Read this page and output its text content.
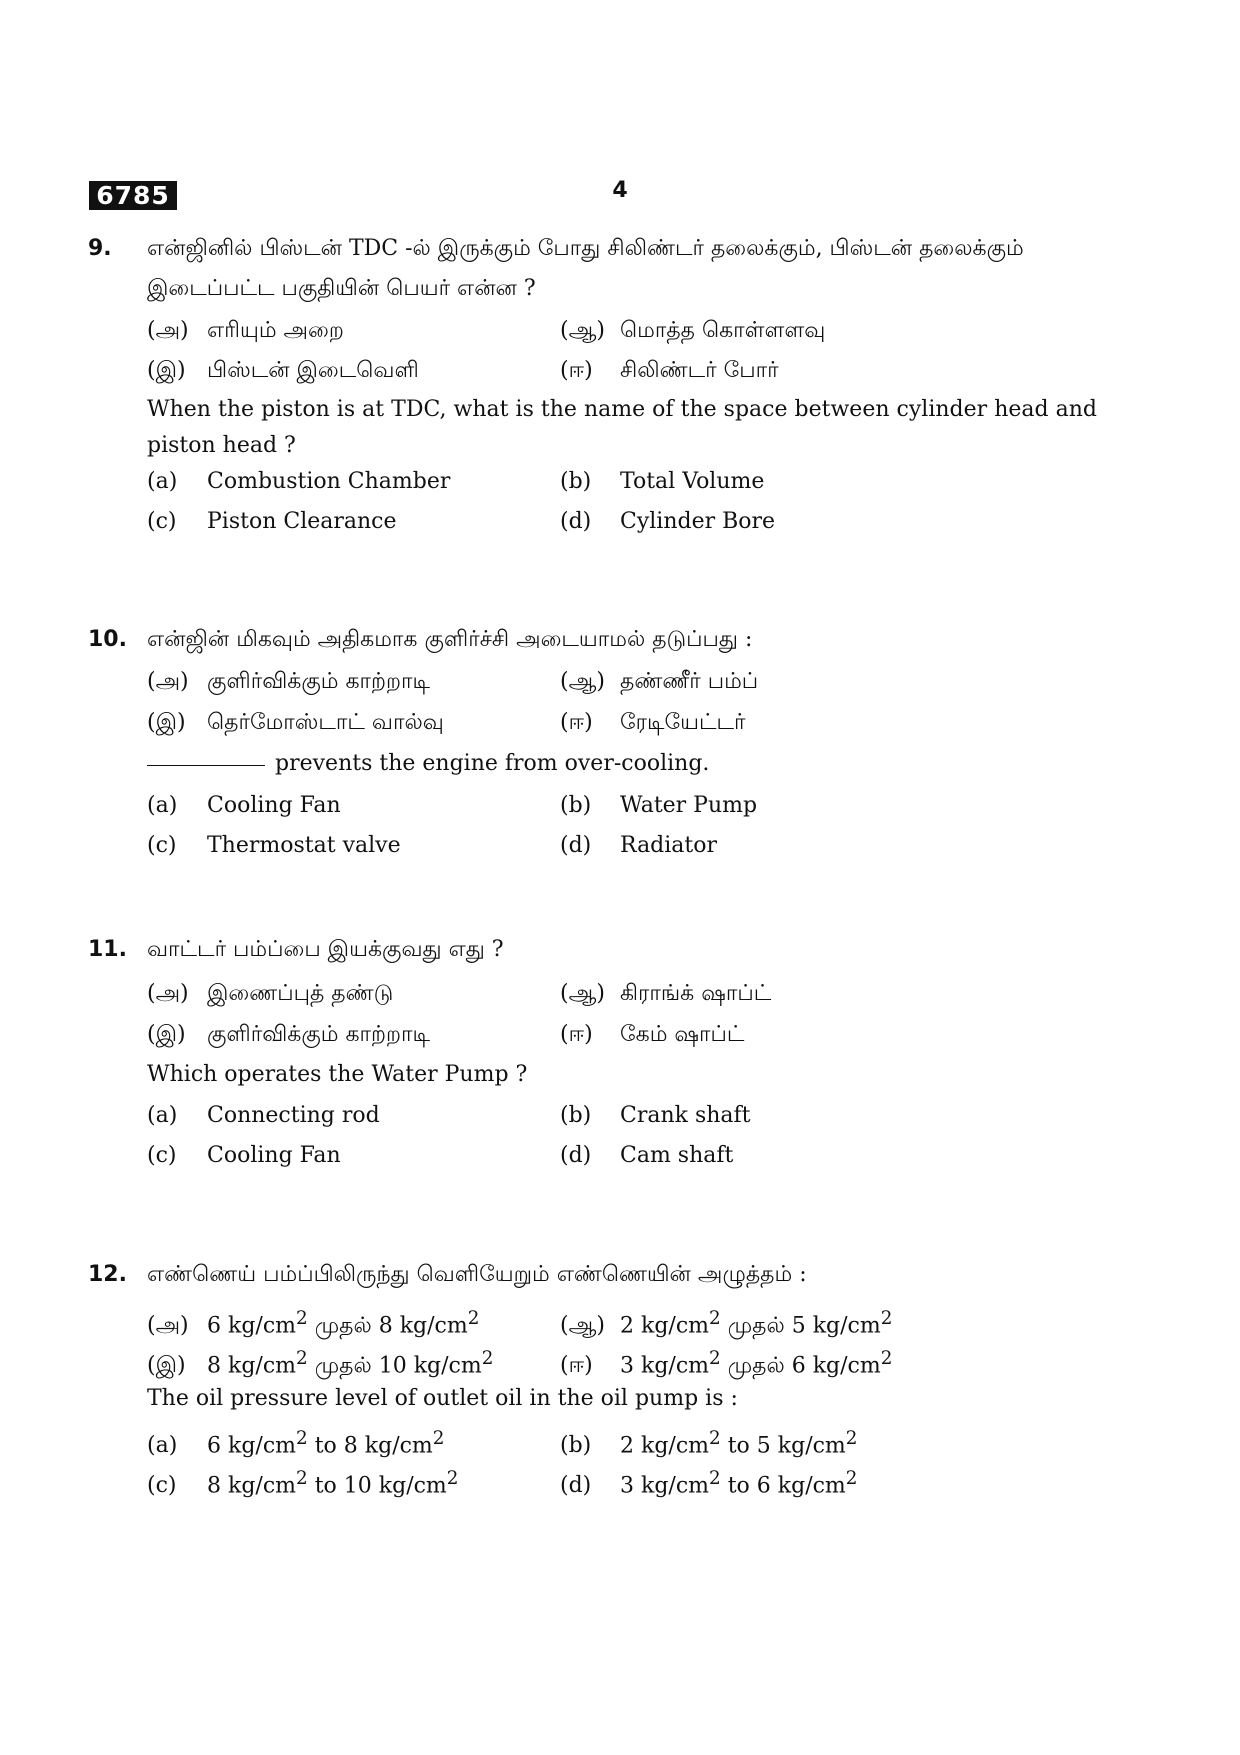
6785	4
9. என்ஜினில் பிஸ்டன் TDC -ல் இருக்கும் போது சிலிண்டர் தலைக்கும், பிஸ்டன் தலைக்கும்
இடைப்பட்ட பகுதியின் பெயர் என்ன ?
(அ) எரியும் அறை	(ஆ) மொத்த கொள்ளளவு
(இ) பிஸ்டன் இடைவெளி	(ஈ) சிலிண்டர் போர்
When the piston is at TDC, what is the name of the space between cylinder head and piston head ?
(a) Combustion Chamber	(b) Total Volume
(c) Piston Clearance	(d) Cylinder Bore
10. என்ஜின் மிகவும் அதிகமாக குளிர்ச்சி அடையாமல் தடுப்பது :
(அ) குளிர்விக்கும் காற்றாடி	(ஆ) தண்ணீர் பம்ப்
(இ) தெர்மோஸ்டாட் வால்வு	(ஈ) ரேடியேட்டர்
prevents the engine from over-cooling.
(a) Cooling Fan	(b) Water Pump
(c) Thermostat valve	(d) Radiator
11. வாட்டர் பம்ப்பை இயக்குவது எது ?
(அ) இணைப்புத் தண்டு	(ஆ) கிராங்க் ஷாப்ட்
(இ) குளிர்விக்கும் காற்றாடி	(ஈ) கேம் ஷாப்ட்
Which operates the Water Pump ?
(a) Connecting rod	(b) Crank shaft
(c) Cooling Fan	(d) Cam shaft
12. எண்ணெய் பம்ப்பிலிருந்து வெளியேறும் எண்ணெயின் அழுத்தம் :
(அ) 6 $kg/cm^2$ முதல் 8 $kg/cm^2$	(ஆ) 2 $kg/cm^2$ முதல் 5 $kg/cm^2$
(இ) 8 $kg/cm^2$ முதல் 10 $kg/cm^2$	(ஈ) 3 $kg/cm^2$ முதல் 6 $kg/cm^2$
The oil pressure level of outlet oil in the oil pump is :
(a) 6 $kg/cm^2$ to 8 $kg/cm^2$	(b) 2 $kg/cm^2$ to 5 $kg/cm^2$
(c) 8 $kg/cm^2$ to 10 $kg/cm^2$	(d) 3 $kg/cm^2$ to 6 $kg/cm^2$
